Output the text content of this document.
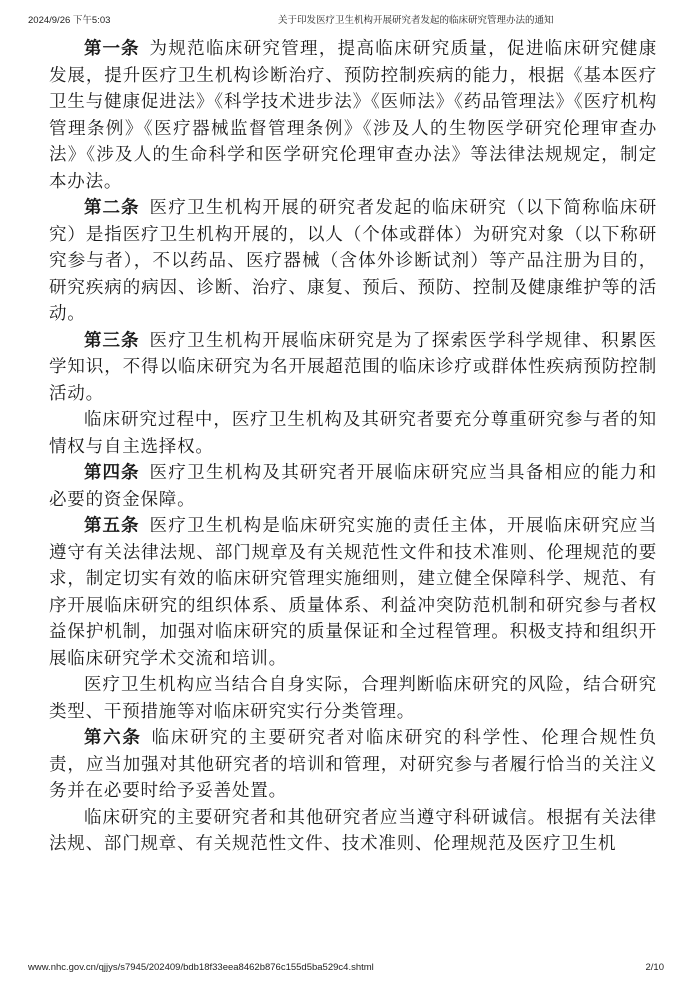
2024/9/26 下午5:03	关于印发医疗卫生机构开展研究者发起的临床研究管理办法的通知

第一条 为规范临床研究管理，提高临床研究质量，促进临床研究健康发展，提升医疗卫生机构诊断治疗、预防控制疾病的能力，根据《基本医疗卫生与健康促进法》《科学技术进步法》《医师法》《药品管理法》《医疗机构管理条例》《医疗器械监督管理条例》《涉及人的生物医学研究伦理审查办法》《涉及人的生命科学和医学研究伦理审查办法》等法律法规规定，制定本办法。

第二条 医疗卫生机构开展的研究者发起的临床研究（以下简称临床研究）是指医疗卫生机构开展的，以人（个体或群体）为研究对象（以下称研究参与者），不以药品、医疗器械（含体外诊断试剂）等产品注册为目的，研究疾病的病因、诊断、治疗、康复、预后、预防、控制及健康维护等的活动。

第三条 医疗卫生机构开展临床研究是为了探索医学科学规律、积累医学知识，不得以临床研究为名开展超范围的临床诊疗或群体性疾病预防控制活动。

临床研究过程中，医疗卫生机构及其研究者要充分尊重研究参与者的知情权与自主选择权。

第四条 医疗卫生机构及其研究者开展临床研究应当具备相应的能力和必要的资金保障。

第五条 医疗卫生机构是临床研究实施的责任主体，开展临床研究应当遵守有关法律法规、部门规章及有关规范性文件和技术准则、伦理规范的要求，制定切实有效的临床研究管理实施细则，建立健全保障科学、规范、有序开展临床研究的组织体系、质量体系、利益冲突防范机制和研究参与者权益保护机制，加强对临床研究的质量保证和全过程管理。积极支持和组织开展临床研究学术交流和培训。

医疗卫生机构应当结合自身实际，合理判断临床研究的风险，结合研究类型、干预措施等对临床研究实行分类管理。

第六条 临床研究的主要研究者对临床研究的科学性、伦理合规性负责，应当加强对其他研究者的培训和管理，对研究参与者履行恰当的关注义务并在必要时给予妥善处置。

临床研究的主要研究者和其他研究者应当遵守科研诚信。根据有关法律法规、部门规章、有关规范性文件、技术准则、伦理规范及医疗卫生机

www.nhc.gov.cn/qjjys/s7945/202409/bdb18f33eea8462b876c155d5ba529c4.shtml	2/10
